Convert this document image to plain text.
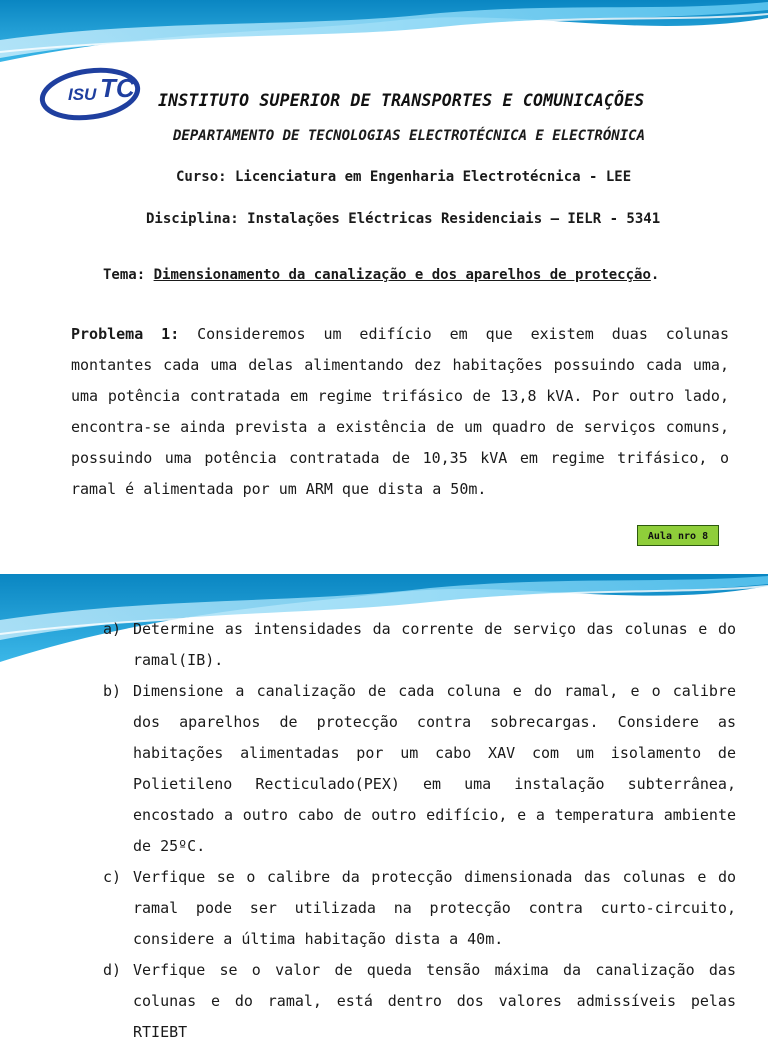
ISU TC INSTITUTO SUPERIOR DE TRANSPORTES E COMUNICAÇÕES
DEPARTAMENTO DE TECNOLOGIAS ELECTROTÉCNICA E ELECTRÓNICA
Curso: Licenciatura em Engenharia Electrotécnica - LEE
Disciplina: Instalações Eléctricas Residenciais – IELR - 5341
Tema: Dimensionamento da canalização e dos aparelhos de protecção.
Problema 1: Consideremos um edifício em que existem duas colunas montantes cada uma delas alimentando dez habitações possuindo cada uma, uma potência contratada em regime trifásico de 13,8 kVA. Por outro lado, encontra-se ainda prevista a existência de um quadro de serviços comuns, possuindo uma potência contratada de 10,35 kVA em regime trifásico, o ramal é alimentada por um ARM que dista a 50m.
Aula nro 8
a) Determine as intensidades da corrente de serviço das colunas e do ramal(IB).
b) Dimensione a canalização de cada coluna e do ramal, e o calibre dos aparelhos de protecção contra sobrecargas. Considere as habitações alimentadas por um cabo XAV com um isolamento de Polietileno Recticulado(PEX) em uma instalação subterrânea, encostado a outro cabo de outro edifício, e a temperatura ambiente de 25ºC.
c) Verfique se o calibre da protecção dimensionada das colunas e do ramal pode ser utilizada na protecção contra curto-circuito, considere a última habitação dista a 40m.
d) Verfique se o valor de queda tensão máxima da canalização das colunas e do ramal, está dentro dos valores admissíveis pelas RTIEBT
